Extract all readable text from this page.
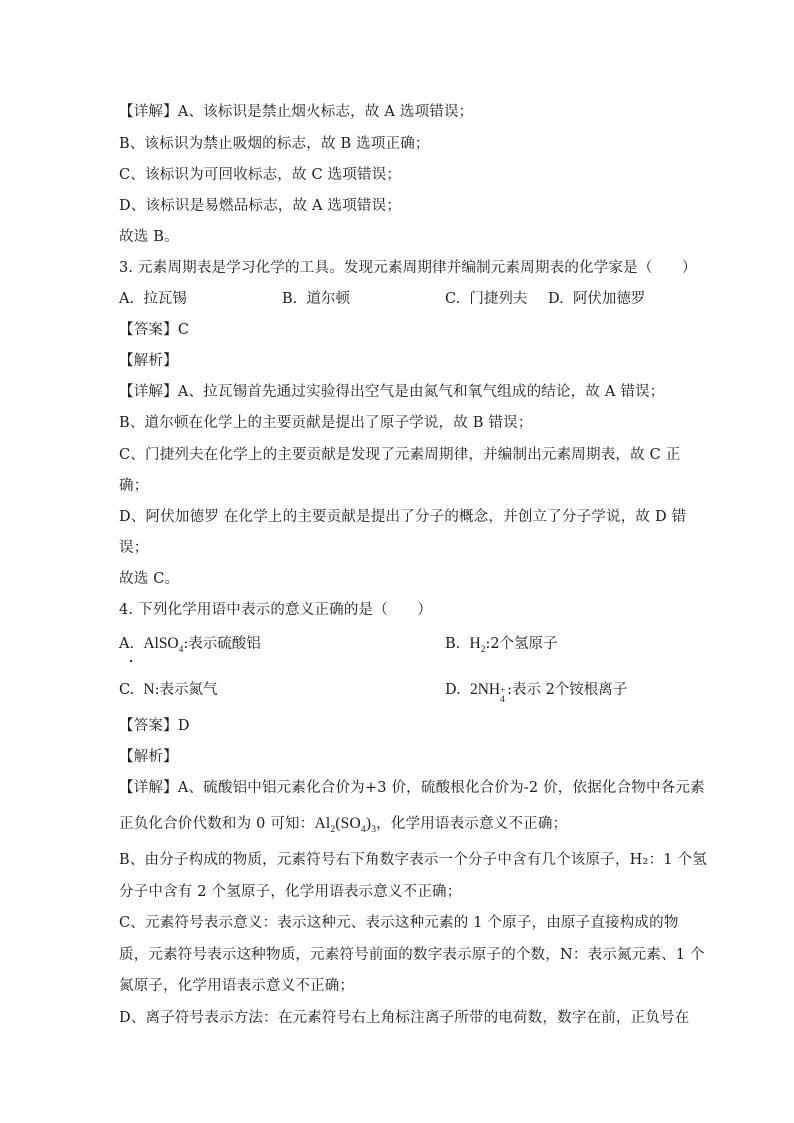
【详解】A、该标识是禁止烟火标志，故 A 选项错误；
B、该标识为禁止吸烟的标志，故 B 选项正确；
C、该标识为可回收标志，故 C 选项错误；
D、该标识是易燃品标志，故 A 选项错误；
故选 B。
3. 元素周期表是学习化学的工具。发现元素周期律并编制元素周期表的化学家是（　　）
A. 拉瓦锡	B. 道尔顿	C. 门捷列夫 D. 阿伏加德罗
【答案】C
【解析】
【详解】A、拉瓦锡首先通过实验得出空气是由氮气和氧气组成的结论，故 A 错误；
B、道尔顿在化学上的主要贡献是提出了原子学说，故 B 错误；
C、门捷列夫在化学上的主要贡献是发现了元素周期律，并编制出元素周期表，故 C 正
确；
D、阿伏加德罗 在化学上的主要贡献是提出了分子的概念，并创立了分子学说，故 D 错
误；
故选 C。
4. 下列化学用语中表示的意义正确的是（　　）
A. AlSO$_4$:表示硫酸铝	B. $H_2:2$个氢原子
C. N:表示氮气	D. 2NH +
4
:表示 2个铵根离子
【答案】D
【解析】
【详解】A、硫酸铝中铝元素化合价为+3 价，硫酸根化合价为-2 价，依据化合物中各元素
正负化合价代数和为 0 可知：$Al_2(SO_4)_3$，化学用语表示意义不正确；
B、由分子构成的物质，元素符号右下角数字表示一个分子中含有几个该原子，H₂：1 个氢
分子中含有 2 个氢原子，化学用语表示意义不正确；
C、元素符号表示意义：表示这种元、表示这种元素的 1 个原子，由原子直接构成的物
质，元素符号表示这种物质，元素符号前面的数字表示原子的个数，N：表示氮元素、1 个
氮原子，化学用语表示意义不正确；
D、离子符号表示方法：在元素符号右上角标注离子所带的电荷数，数字在前，正负号在
